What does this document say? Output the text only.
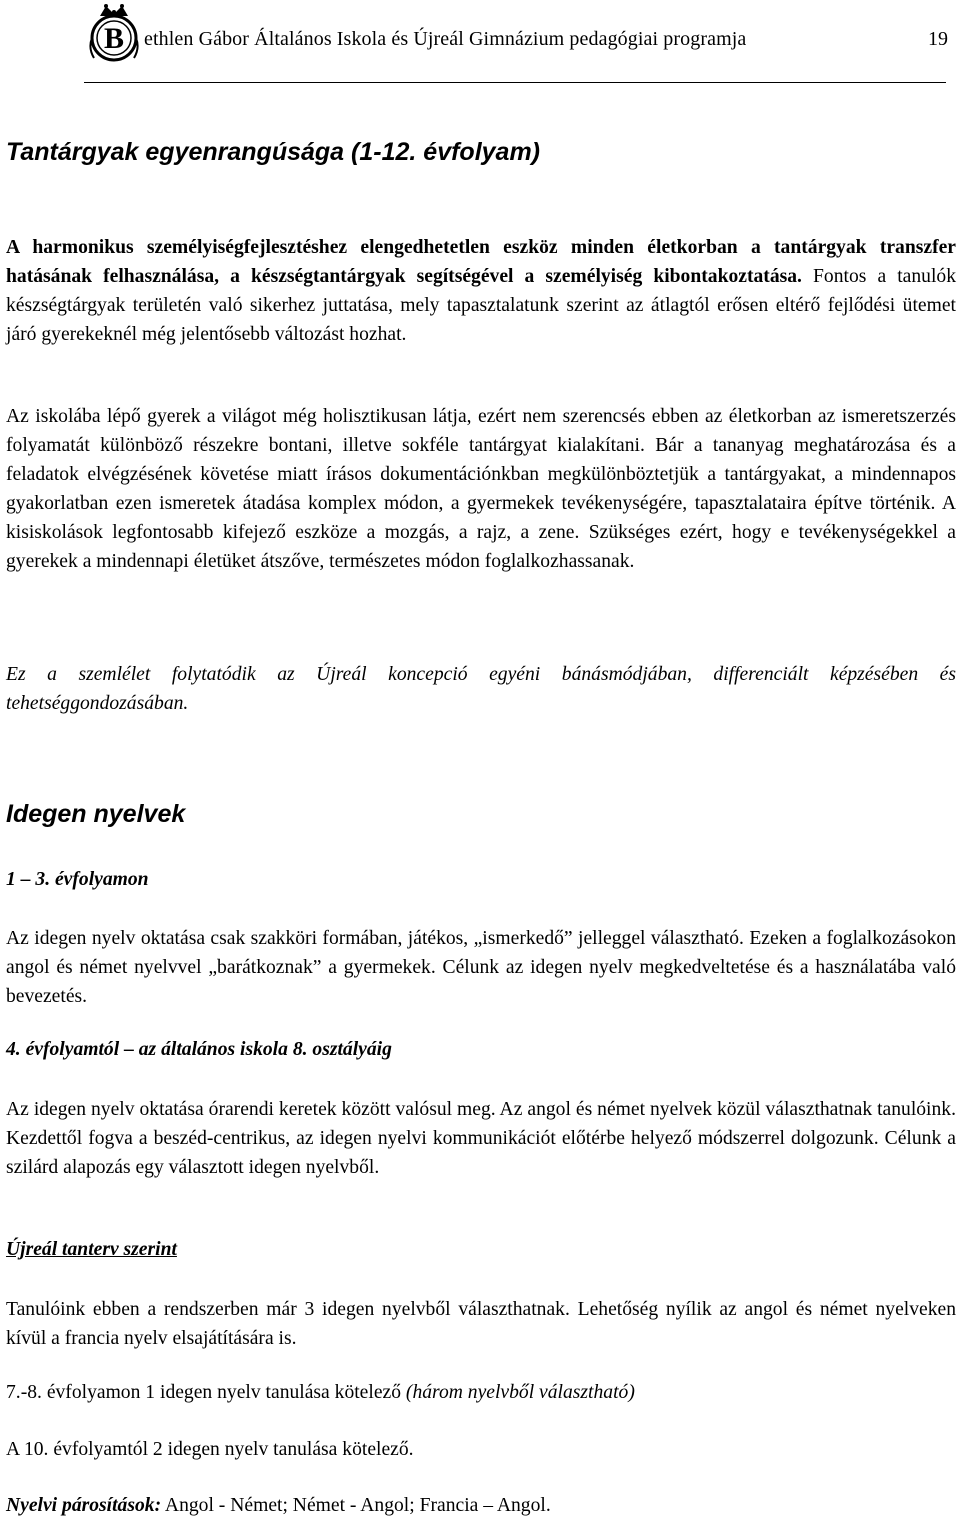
B ethlen Gábor Általános Iskola és Újreál Gimnázium pedagógiai programja	19
Tantárgyak egyenrangúsága (1-12. évfolyam)

A harmonikus személyiségfejlesztéshez elengedhetetlen eszköz minden életkorban a tantárgyak transzfer hatásának felhasználása, a készségtantárgyak segítségével a személyiség kibontakoztatása. Fontos a tanulók készségtárgyak területén való sikerhez juttatása, mely tapasztalatunk szerint az átlagtól erősen eltérő fejlődési ütemet járó gyerekeknél még jelentősebb változást hozhat.

Az iskolába lépő gyerek a világot még holisztikusan látja, ezért nem szerencsés ebben az életkorban az ismeretszerzés folyamatát különböző részekre bontani, illetve sokféle tantárgyat kialakítani. Bár a tananyag meghatározása és a feladatok elvégzésének követése miatt írásos dokumentációnkban megkülönböztetjük a tantárgyakat, a mindennapos gyakorlatban ezen ismeretek átadása komplex módon, a gyermekek tevékenységére, tapasztalataira építve történik. A kisiskolások legfontosabb kifejező eszköze a mozgás, a rajz, a zene. Szükséges ezért, hogy e tevékenységekkel a gyerekek a mindennapi életüket átszőve, természetes módon foglalkozhassanak.

Ez a szemlélet folytatódik az Újreál koncepció egyéni bánásmódjában, differenciált képzésében és tehetséggondozásában.

Idegen nyelvek
1 – 3. évfolyamon

Az idegen nyelv oktatása csak szakköri formában, játékos, „ismerkedő” jelleggel választható. Ezeken a foglalkozásokon angol és német nyelvvel „barátkoznak” a gyermekek. Célunk az idegen nyelv megkedveltetése és a használatába való bevezetés.

4. évfolyamtól – az általános iskola 8. osztályáig

Az idegen nyelv oktatása órarendi keretek között valósul meg. Az angol és német nyelvek közül választhatnak tanulóink. Kezdettől fogva a beszéd-centrikus, az idegen nyelvi kommunikációt előtérbe helyező módszerrel dolgozunk. Célunk a szilárd alapozás egy választott idegen nyelvből.

Újreál tanterv szerint

Tanulóink ebben a rendszerben már 3 idegen nyelvből választhatnak. Lehetőség nyílik az angol és német nyelveken kívül a francia nyelv elsajátítására is.

7.-8. évfolyamon 1 idegen nyelv tanulása kötelező (három nyelvből választható)
A 10. évfolyamtól 2 idegen nyelv tanulása kötelező.
Nyelvi párosítások: Angol - Német; Német - Angol; Francia – Angol.
